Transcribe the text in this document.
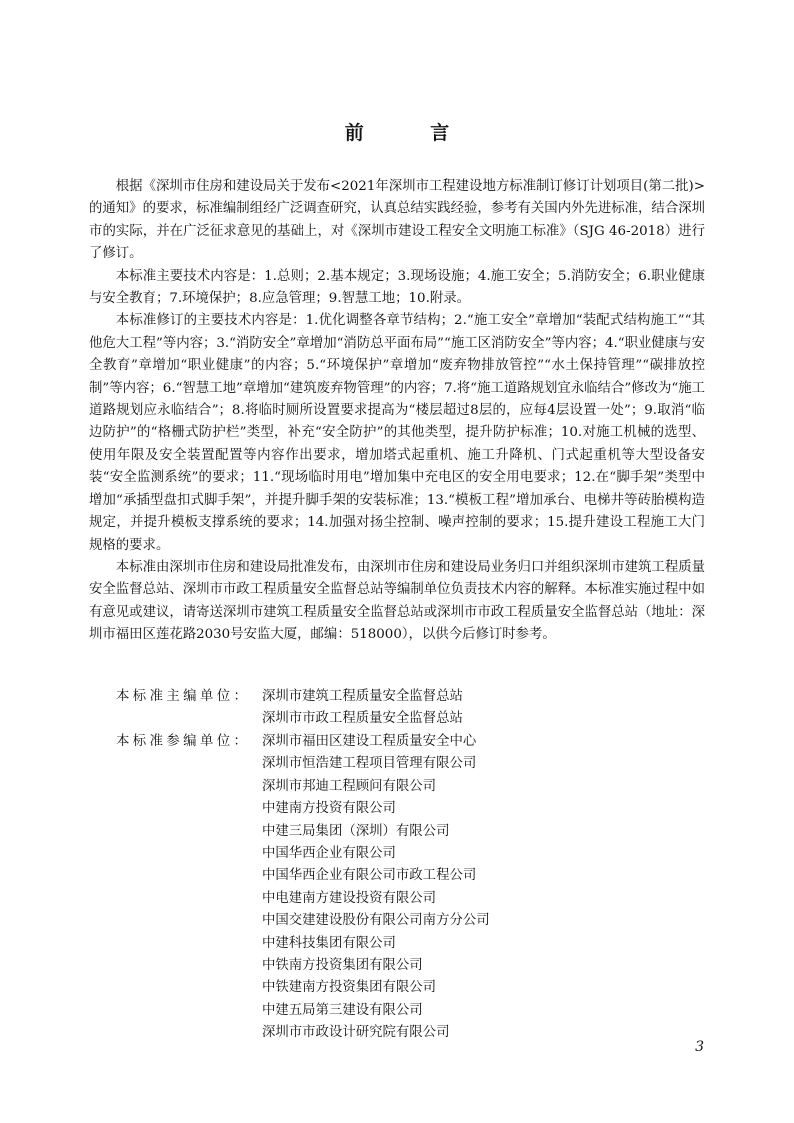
前 言

根据《深圳市住房和建设局关于发布<2021年深圳市工程建设地方标准制订修订计划项目(第二批)>的通知》的要求，标准编制组经广泛调查研究，认真总结实践经验，参考有关国内外先进标准，结合深圳市的实际，并在广泛征求意见的基础上，对《深圳市建设工程安全文明施工标准》（SJG 46-2018）进行了修订。

本标准主要技术内容是：1.总则；2.基本规定；3.现场设施；4.施工安全；5.消防安全；6.职业健康与安全教育；7.环境保护；8.应急管理；9.智慧工地；10.附录。

本标准修订的主要技术内容是：1.优化调整各章节结构；2.“施工安全”章增加“装配式结构施工”“其他危大工程”等内容；3.“消防安全”章增加“消防总平面布局”“施工区消防安全”等内容；4.“职业健康与安全教育”章增加“职业健康”的内容；5.“环境保护”章增加“废弃物排放管控”“水土保持管理”“碳排放控制”等内容；6.“智慧工地”章增加“建筑废弃物管理”的内容；7.将“施工道路规划宜永临结合”修改为“施工道路规划应永临结合”；8.将临时厕所设置要求提高为“楼层超过8层的，应每4层设置一处”；9.取消“临边防护”的“格栅式防护栏”类型，补充“安全防护”的其他类型，提升防护标准；10.对施工机械的选型、使用年限及安全装置配置等内容作出要求，增加塔式起重机、施工升降机、门式起重机等大型设备安装“安全监测系统”的要求；11.“现场临时用电”增加集中充电区的安全用电要求；12.在“脚手架”类型中增加“承插型盘扣式脚手架”，并提升脚手架的安装标准；13.“模板工程”增加承台、电梯井等砖胎模构造规定，并提升模板支撑系统的要求；14.加强对扬尘控制、噪声控制的要求；15.提升建设工程施工大门规格的要求。

本标准由深圳市住房和建设局批准发布，由深圳市住房和建设局业务归口并组织深圳市建筑工程质量安全监督总站、深圳市市政工程质量安全监督总站等编制单位负责技术内容的解释。本标准实施过程中如有意见或建议，请寄送深圳市建筑工程质量安全监督总站或深圳市市政工程质量安全监督总站（地址：深圳市福田区莲花路2030号安监大厦，邮编：518000），以供今后修订时参考。

本标准主编单位： 深圳市建筑工程质量安全监督总站
深圳市市政工程质量安全监督总站
本标准参编单位： 深圳市福田区建设工程质量安全中心
深圳市恒浩建工程项目管理有限公司
深圳市邦迪工程顾问有限公司
中建南方投资有限公司
中建三局集团（深圳）有限公司
中国华西企业有限公司
中国华西企业有限公司市政工程公司
中电建南方建设投资有限公司
中国交建建设股份有限公司南方分公司
中建科技集团有限公司
中铁南方投资集团有限公司
中铁建南方投资集团有限公司
中建五局第三建设有限公司
深圳市市政设计研究院有限公司
3
